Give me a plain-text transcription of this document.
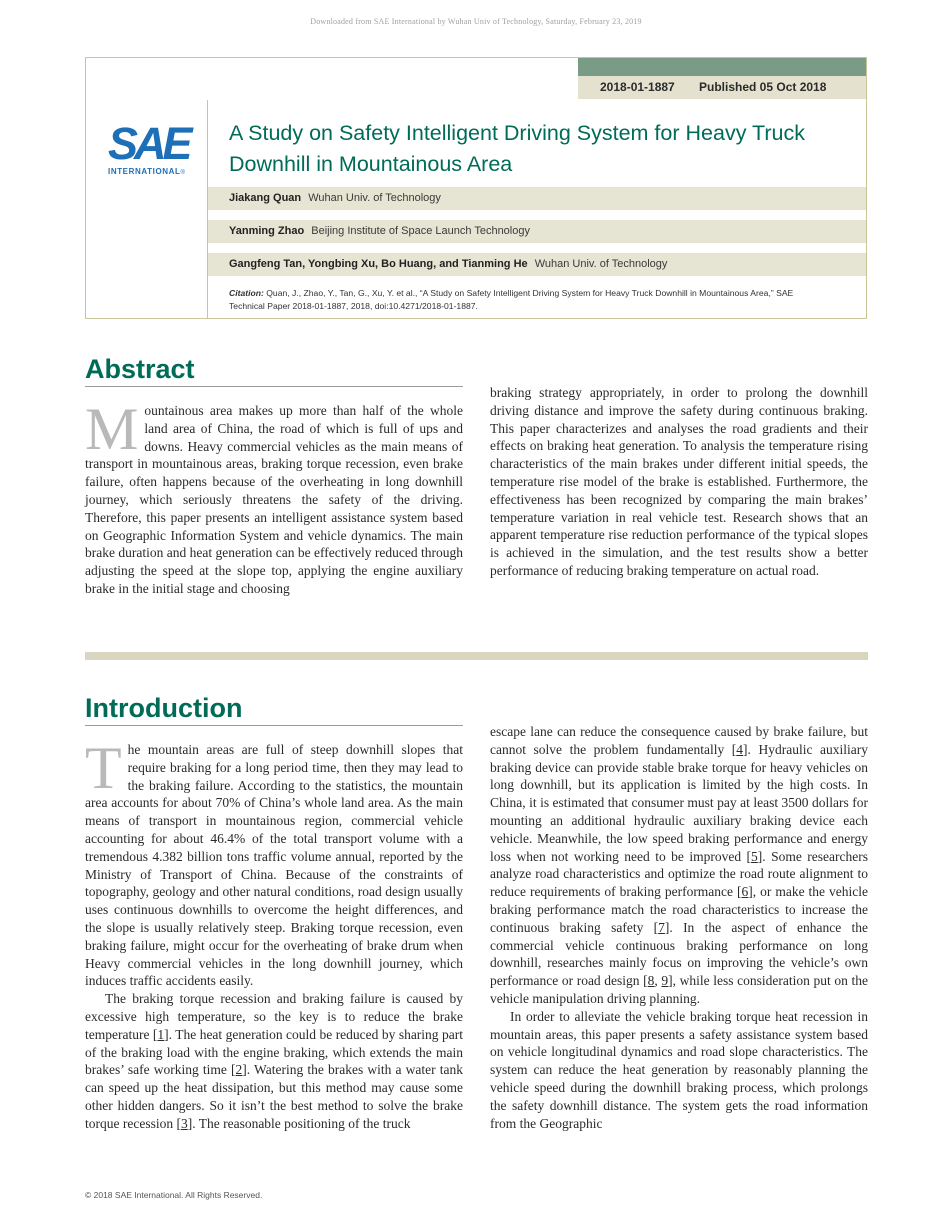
Downloaded from SAE International by Wuhan Univ of Technology, Saturday, February 23, 2019
2018-01-1887 Published 05 Oct 2018
SAE
INTERNATIONAL®
A Study on Safety Intelligent Driving System for Heavy Truck Downhill in Mountainous Area
Jiakang Quan Wuhan Univ. of Technology
Yanming Zhao Beijing Institute of Space Launch Technology
Gangfeng Tan, Yongbing Xu, Bo Huang, and Tianming He Wuhan Univ. of Technology
Citation: Quan, J., Zhao, Y., Tan, G., Xu, Y. et al., “A Study on Safety Intelligent Driving System for Heavy Truck Downhill in Mountainous Area,” SAE Technical Paper 2018-01-1887, 2018, doi:10.4271/2018-01-1887.
Abstract

Mountainous area makes up more than half of the whole land area of China, the road of which is full of ups and downs. Heavy commercial vehicles as the main means of transport in mountainous areas, braking torque recession, even brake failure, often happens because of the overheating in long downhill journey, which seriously threatens the safety of the driving. Therefore, this paper presents an intelligent assistance system based on Geographic Information System and vehicle dynamics. The main brake duration and heat generation can be effectively reduced through adjusting the speed at the slope top, applying the engine auxiliary brake in the initial stage and choosing

braking strategy appropriately, in order to prolong the downhill driving distance and improve the safety during continuous braking. This paper characterizes and analyses the road gradients and their effects on braking heat generation. To analysis the temperature rising characteristics of the main brakes under different initial speeds, the temperature rise model of the brake is established. Furthermore, the effectiveness has been recognized by comparing the main brakes’ temperature variation in real vehicle test. Research shows that an apparent temperature rise reduction performance of the typical slopes is achieved in the simulation, and the test results show a better performance of reducing braking temperature on actual road.

Introduction

The mountain areas are full of steep downhill slopes that require braking for a long period time, then they may lead to the braking failure. According to the statistics, the mountain area accounts for about 70% of China’s whole land area. As the main means of transport in mountainous region, commercial vehicle accounting for about 46.4% of the total transport volume with a tremendous 4.382 billion tons traffic volume annual, reported by the Ministry of Transport of China. Because of the constraints of topography, geology and other natural conditions, road design usually uses continuous downhills to overcome the height differences, and the slope is usually relatively steep. Braking torque recession, even braking failure, might occur for the overheating of brake drum when Heavy commercial vehicles in the long downhill journey, which induces traffic accidents easily.

The braking torque recession and braking failure is caused by excessive high temperature, so the key is to reduce the brake temperature [1]. The heat generation could be reduced by sharing part of the braking load with the engine braking, which extends the main brakes’ safe working time [2]. Watering the brakes with a water tank can speed up the heat dissipation, but this method may cause some other hidden dangers. So it isn’t the best method to solve the brake torque recession [3]. The reasonable positioning of the truck

escape lane can reduce the consequence caused by brake failure, but cannot solve the problem fundamentally [4]. Hydraulic auxiliary braking device can provide stable brake torque for heavy vehicles on long downhill, but its application is limited by the high costs. In China, it is estimated that consumer must pay at least 3500 dollars for mounting an additional hydraulic auxiliary braking device each vehicle. Meanwhile, the low speed braking performance and energy loss when not working need to be improved [5]. Some researchers analyze road characteristics and optimize the road route alignment to reduce requirements of braking performance [6], or make the vehicle braking performance match the road characteristics to increase the continuous braking safety [7]. In the aspect of enhance the commercial vehicle continuous braking performance on long downhill, researches mainly focus on improving the vehicle’s own performance or road design [8, 9], while less consideration put on the vehicle manipulation driving planning.

In order to alleviate the vehicle braking torque heat recession in mountain areas, this paper presents a safety assistance system based on vehicle longitudinal dynamics and road slope characteristics. The system can reduce the heat generation by reasonably planning the vehicle speed during the downhill braking process, which prolongs the safety downhill distance. The system gets the road information from the Geographic

© 2018 SAE International. All Rights Reserved.
